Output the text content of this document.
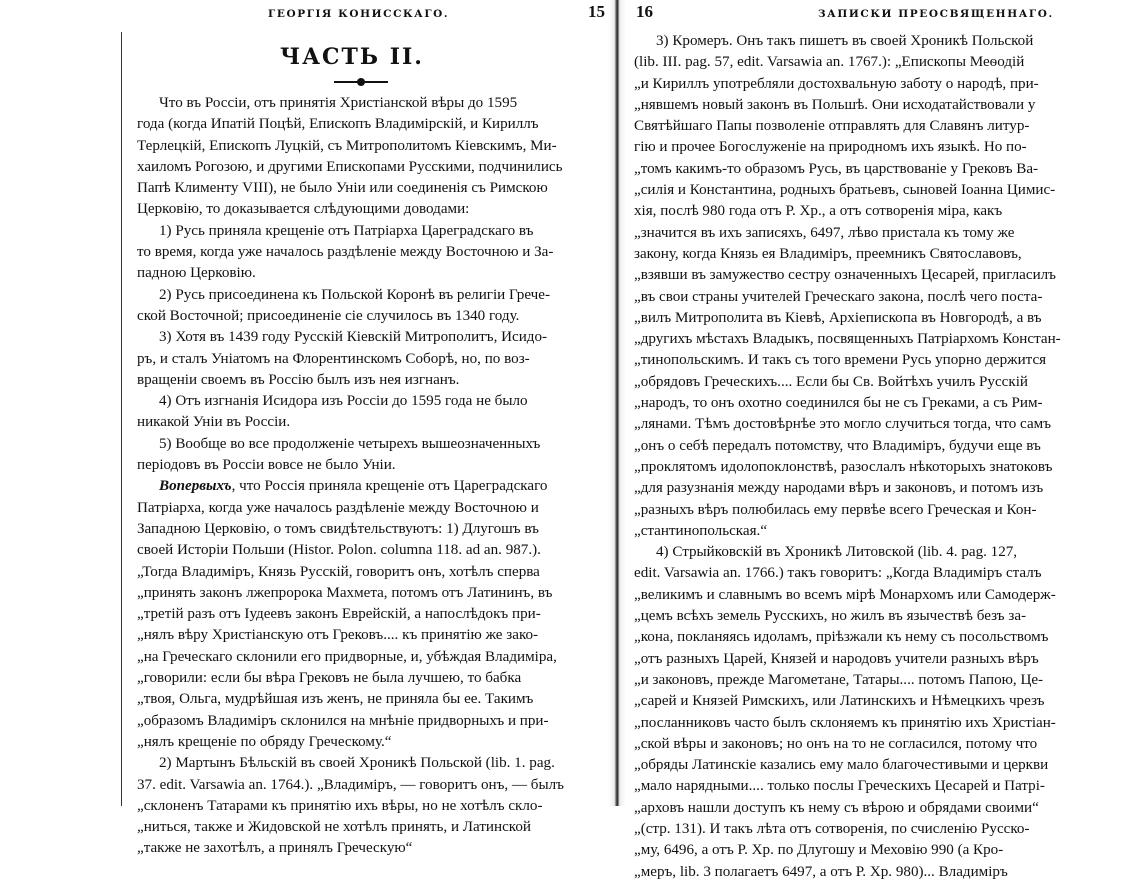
ГЕОРГІЯ КОНИССКАГО.	15
ЧАСТЬ II.
Что въ Россіи, отъ принятія Христіанской вѣры до 1595
года (когда Ипатій Поцѣй, Епископъ Владимірскій, и Кириллъ
Терлецкій, Епископъ Луцкій, съ Митрополитомъ Кіевскимъ, Ми-
хаиломъ Рогозою, и другими Епископами Русскими, подчинились
Папѣ Клименту VIII), не было Уніи или соединенія съ Римскою
Церковію, то доказывается слѣдующими доводами:
1) Русь приняла крещеніе отъ Патріарха Цареградскаго въ
то время, когда уже началось раздѣленіе между Восточною и За-
падною Церковію.
2) Русь присоединена къ Польской Коронѣ въ религіи Грече-
ской Восточной; присоединеніе сіе случилось въ 1340 году.
3) Хотя въ 1439 году Русскій Кіевскій Митрополитъ, Исидо-
ръ, и сталъ Уніатомъ на Флорентинскомъ Соборѣ, но, по воз-
вращеніи своемъ въ Россію былъ изъ нея изгнанъ.
4) Отъ изгнанія Исидора изъ Россіи до 1595 года не было
никакой Уніи въ Россіи.
5) Вообще во все продолженіе четырехъ вышеозначенныхъ
періодовъ въ Россіи вовсе не было Уніи.
Вопервыхъ, что Россія приняла крещеніе отъ Цареградскаго
Патріарха, когда уже началось раздѣленіе между Восточною и
Западною Церковію, о томъ свидѣтельствуютъ: 1) Длугошъ въ
своей Исторіи Польши (Histor. Polon. columna 118. ad an. 987.).
„Тогда Владиміръ, Князь Русскій, говоритъ онъ, хотѣлъ сперва
„принять законъ лжепророка Махмета, потомъ отъ Латининъ, въ
„третій разъ отъ Іудеевъ законъ Еврейскій, а напослѣдокъ при-
„нялъ вѣру Христіанскую отъ Грековъ.... къ принятію же зако-
„на Греческаго склонили его придворные, и, убѣждая Владиміра,
„говорили: если бы вѣра Грековъ не была лучшею, то бабка
„твоя, Ольга, мудрѣйшая изъ женъ, не приняла бы ее. Такимъ
„образомъ Владиміръ склонился на мнѣніе придворныхъ и при-
„нялъ крещеніе по обряду Греческому.“
2) Мартынъ Бѣльскій въ своей Хроникѣ Польской (lib. 1. pag.
37. edit. Varsawia an. 1764.). „Владиміръ, — говоритъ онъ, — былъ
„склоненъ Татарами къ принятію ихъ вѣры, но не хотѣлъ скло-
„ниться, также и Жидовской не хотѣлъ принять, и Латинской
„также не захотѣлъ, а принялъ Греческую“
16	ЗАПИСКИ ПРЕОСВЯЩЕННАГО.
3) Кромеръ. Онъ такъ пишетъ въ своей Хроникѣ Польской
(lib. III. pag. 57, edit. Varsawia an. 1767.): „Епископы Меѳодій
„и Кириллъ употребляли достохвальную заботу о народѣ, при-
„нявшемъ новый законъ въ Польшѣ. Они исходатайствовали у
Святѣйшаго Папы позволеніе отправлять для Славянъ литур-
гію и прочее Богослуженіе на природномъ ихъ языкѣ. Но по-
„томъ какимъ-то образомъ Русь, въ царствованіе у Грековъ Ва-
„силія и Константина, родныхъ братьевъ, сыновей Іоанна Цимис-
хія, послѣ 980 года отъ Р. Хр., а отъ сотворенія міра, какъ
„значится въ ихъ записяхъ, 6497, лѣво пристала къ тому же
закону, когда Князь ея Владиміръ, преемникъ Святославовъ,
„взявши въ замужество сестру означенныхъ Цесарей, пригласилъ
„въ свои страны учителей Греческаго закона, послѣ чего поста-
„вилъ Митрополита въ Кіевѣ, Архіепископа въ Новгородѣ, а въ
„другихъ мѣстахъ Владыкъ, посвященныхъ Патріархомъ Констан-
„тинопольскимъ. И такъ съ того времени Русь упорно держится
„обрядовъ Греческихъ.... Если бы Св. Войтѣхъ училъ Русскій
„народъ, то онъ охотно соединился бы не съ Греками, а съ Рим-
„лянами. Тѣмъ достовѣрнѣе это могло случиться тогда, что самъ
„онъ о себѣ передалъ потомству, что Владиміръ, будучи еще въ
„проклятомъ идолопоклонствѣ, разослалъ нѣкоторыхъ знатоковъ
„для разузнанія между народами вѣръ и законовъ, и потомъ изъ
„разныхъ вѣръ полюбилась ему первѣе всего Греческая и Кон-
„стантинопольская.“
4) Стрыйковскій въ Хроникѣ Литовской (lib. 4. pag. 127,
edit. Varsawia an. 1766.) такъ говоритъ: „Когда Владиміръ сталъ
„великимъ и славнымъ во всемъ мірѣ Монархомъ или Самодерж-
„цемъ всѣхъ земель Русскихъ, но жилъ въ язычествѣ безъ за-
„кона, покланяясь идоламъ, пріѣзжали къ нему съ посольствомъ
„отъ разныхъ Царей, Князей и народовъ учители разныхъ вѣръ
„и законовъ, прежде Магометане, Татары.... потомъ Папою, Це-
„сарей и Князей Римскихъ, или Латинскихъ и Нѣмецкихъ чрезъ
„посланниковъ часто былъ склоняемъ къ принятію ихъ Христіан-
„ской вѣры и законовъ; но онъ на то не согласился, потому что
„обряды Латинскіе казались ему мало благочестивыми и церкви
„мало нарядными.... только послы Греческихъ Цесарей и Патрі-
„арховъ нашли доступъ къ нему съ вѣрою и обрядами своими“
„(стр. 131). И такъ лѣта отъ сотворенія, по счисленію Русско-
„му, 6496, а отъ Р. Хр. по Длугошу и Меховію 990 (а Кро-
„меръ, lib. 3 полагаетъ 6497, а отъ Р. Хр. 980)... Владиміръ
